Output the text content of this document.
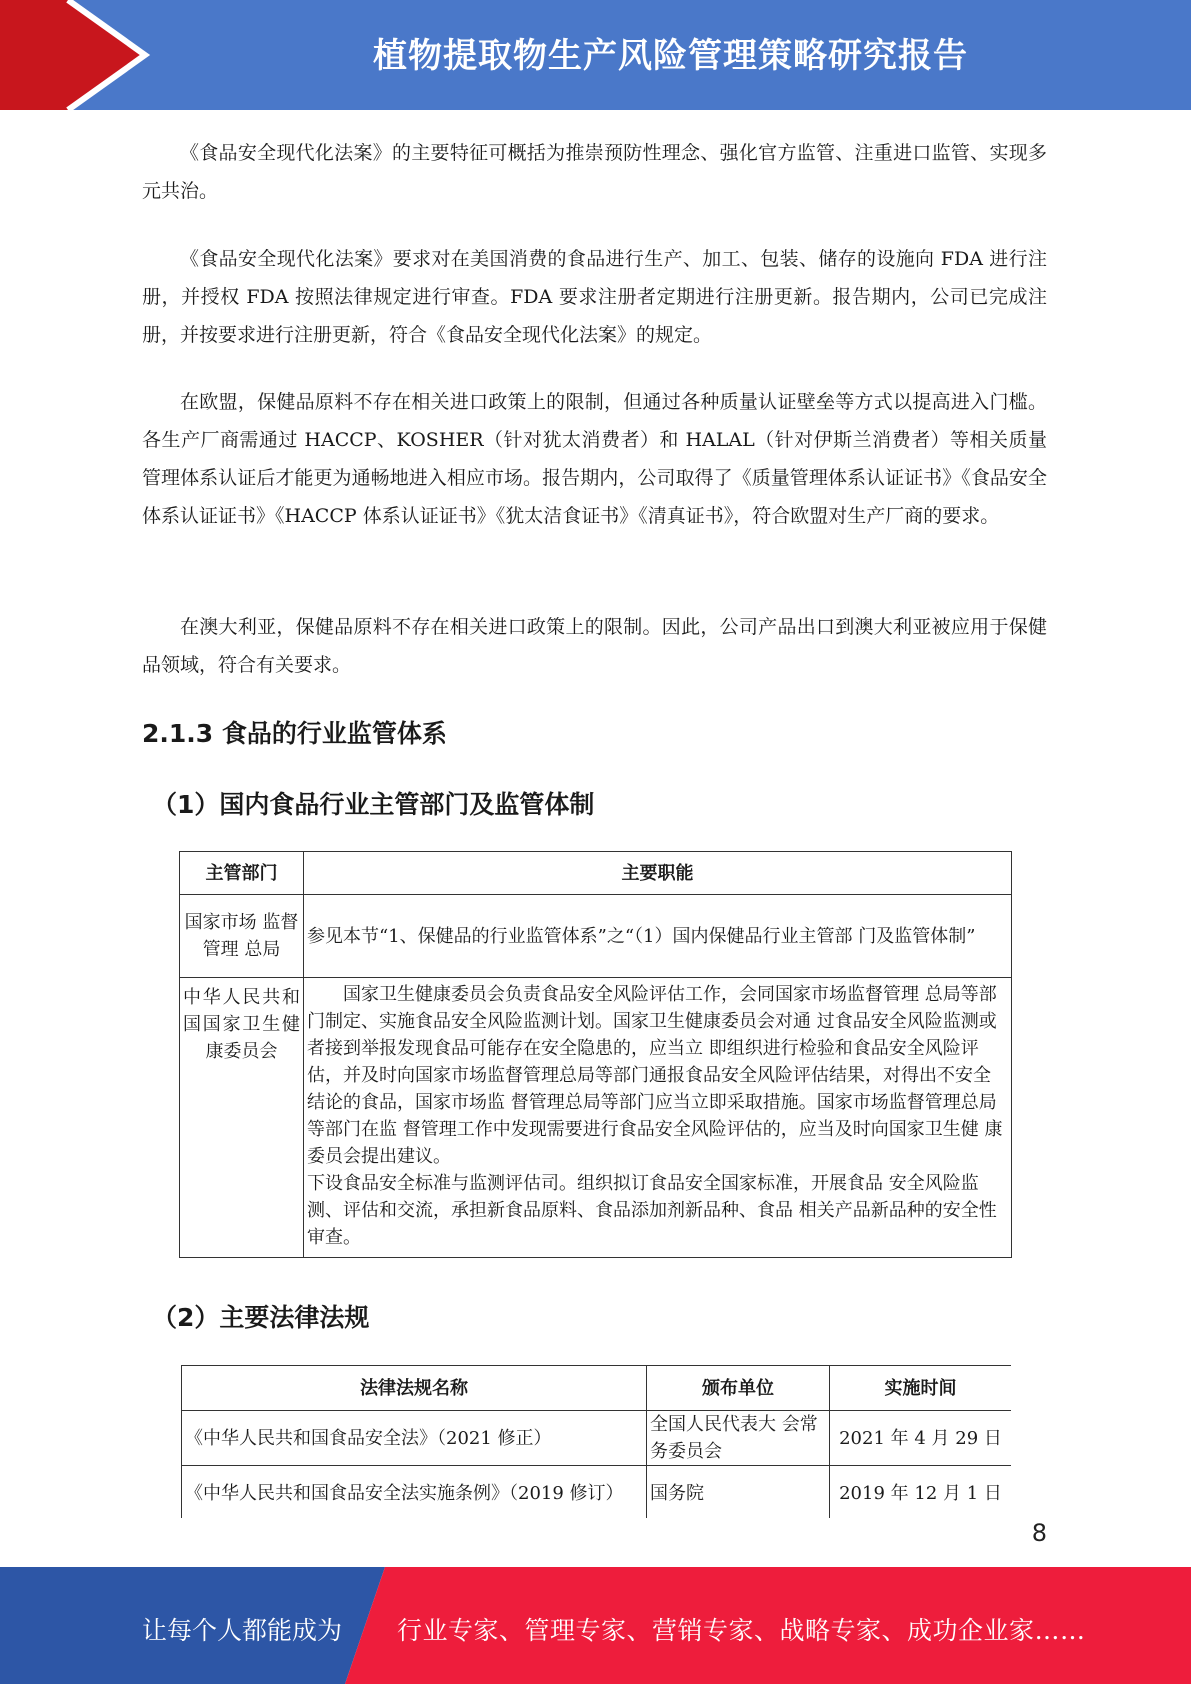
植物提取物生产风险管理策略研究报告

《食品安全现代化法案》的主要特征可概括为推崇预防性理念、强化官方监管、注重进口监管、实现多元共治。

《食品安全现代化法案》要求对在美国消费的食品进行生产、加工、包装、储存的设施向 FDA 进行注册，并授权 FDA 按照法律规定进行审查。FDA 要求注册者定期进行注册更新。报告期内，公司已完成注册，并按要求进行注册更新，符合《食品安全现代化法案》的规定。

在欧盟，保健品原料不存在相关进口政策上的限制，但通过各种质量认证壁垒等方式以提高进入门槛。各生产厂商需通过 HACCP、KOSHER（针对犹太消费者）和 HALAL（针对伊斯兰消费者）等相关质量管理体系认证后才能更为通畅地进入相应市场。报告期内，公司取得了《质量管理体系认证证书》《食品安全体系认证证书》《HACCP 体系认证证书》《犹太洁食证书》《清真证书》，符合欧盟对生产厂商的要求。

在澳大利亚，保健品原料不存在相关进口政策上的限制。因此，公司产品出口到澳大利亚被应用于保健品领域，符合有关要求。

2.1.3 食品的行业监管体系
（1）国内食品行业主管部门及监管体制
主管部门	主要职能
国家市场 监督管理 总局	参见本节“1、保健品的行业监管体系”之“（1）国内保健品行业主管部 门及监管体制”

中华人民共和国国家卫生健康委员会	国家卫生健康委员会负责食品安全风险评估工作，会同国家市场监督管理 总局等部门制定、实施食品安全风险监测计划。国家卫生健康委员会对通 过食品安全风险监测或者接到举报发现食品可能存在安全隐患的，应当立 即组织进行检验和食品安全风险评估，并及时向国家市场监督管理总局等部门通报食品安全风险评估结果，对得出不安全结论的食品，国家市场监 督管理总局等部门应当立即采取措施。国家市场监督管理总局等部门在监 督管理工作中发现需要进行食品安全风险评估的，应当及时向国家卫生健 康委员会提出建议。

下设食品安全标准与监测评估司。组织拟订食品安全国家标准，开展食品 安全风险监测、评估和交流，承担新食品原料、食品添加剂新品种、食品 相关产品新品种的安全性审查。

（2）主要法律法规
法律法规名称	颁布单位	实施时间
《中华人民共和国食品安全法》（2021 修正）	全国人民代表大 会常务委员会	2021 年 4 月 29 日
《中华人民共和国食品安全法实施条例》（2019 修订）	国务院	2019 年 12 月 1 日
8
让每个人都能成为 行业专家、管理专家、营销专家、战略专家、成功企业家……
